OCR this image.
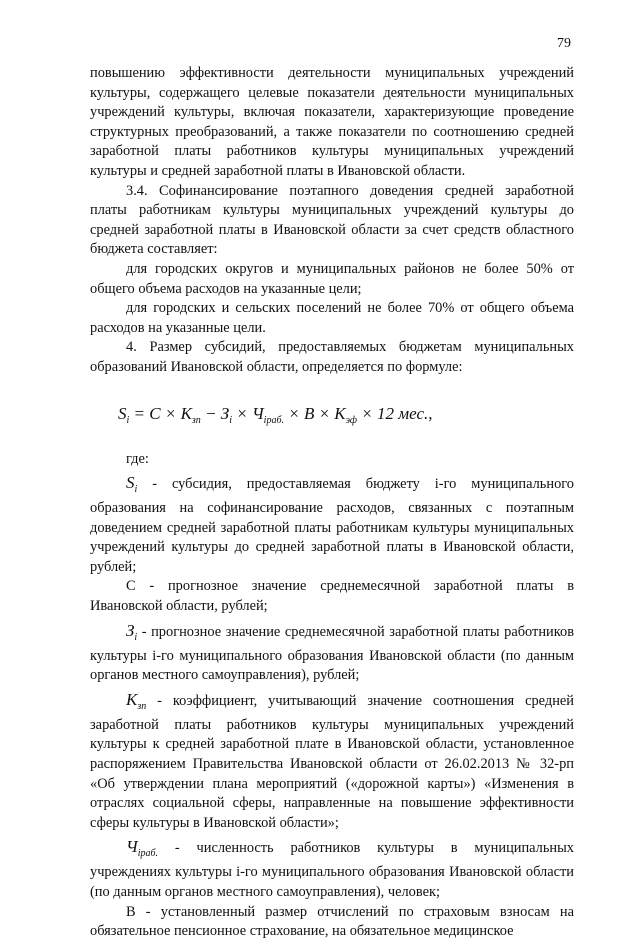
79

повышению эффективности деятельности муниципальных учреждений культуры, содержащего целевые показатели деятельности муниципальных учреждений культуры, включая показатели, характеризующие проведение структурных преобразований, а также показатели по соотношению средней заработной платы работников культуры муниципальных учреждений культуры и средней заработной платы в Ивановской области.

3.4. Софинансирование поэтапного доведения средней заработной платы работникам культуры муниципальных учреждений культуры до средней заработной платы в Ивановской области за счет средств областного бюджета составляет:

для городских округов и муниципальных районов не более 50% от общего объема расходов на указанные цели;

для городских и сельских поселений не более 70% от общего объема расходов на указанные цели.

4. Размер субсидий, предоставляемых бюджетам муниципальных образований Ивановской области, определяется по формуле:

$S_i = C \times K_{зп} - З_i \times Ч_{iраб.} \times B \times K_{эф} \times 12$ мес.,

где:

$S_i$ - субсидия, предоставляемая бюджету i-го муниципального образования на софинансирование расходов, связанных с поэтапным доведением средней заработной платы работникам культуры муниципальных учреждений культуры до средней заработной платы в Ивановской области, рублей;

С - прогнозное значение среднемесячной заработной платы в Ивановской области, рублей;

$З_i$ - прогнозное значение среднемесячной заработной платы работников культуры i-го муниципального образования Ивановской области (по данным органов местного самоуправления), рублей;

$K_{зп}$ - коэффициент, учитывающий значение соотношения средней заработной платы работников культуры муниципальных учреждений культуры к средней заработной плате в Ивановской области, установленное распоряжением Правительства Ивановской области от 26.02.2013 № 32-рп «Об утверждении плана мероприятий («дорожной карты») «Изменения в отраслях социальной сферы, направленные на повышение эффективности сферы культуры в Ивановской области»;

$Ч_{iраб.}$ - численность работников культуры в муниципальных учреждениях культуры i-го муниципального образования Ивановской области (по данным органов местного самоуправления), человек;

В - установленный размер отчислений по страховым взносам на обязательное пенсионное страхование, на обязательное медицинское
